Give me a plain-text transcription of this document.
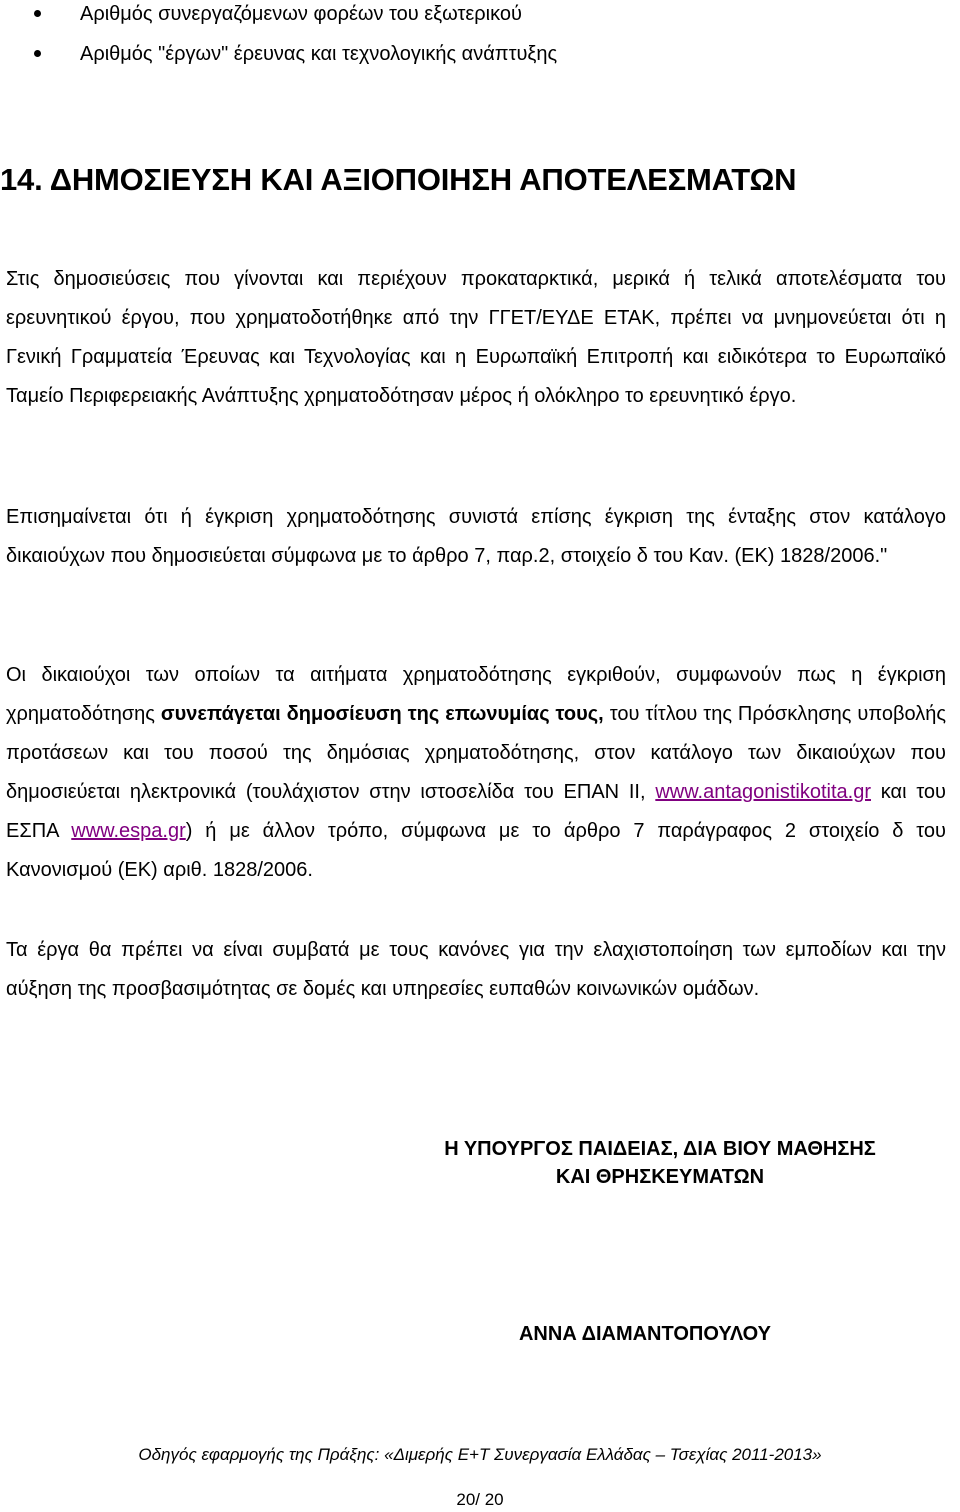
Αριθμός συνεργαζόμενων φορέων του εξωτερικού
Αριθμός "έργων" έρευνας και τεχνολογικής ανάπτυξης
14. ΔΗΜΟΣΙΕΥΣΗ ΚΑΙ ΑΞΙΟΠΟΙΗΣΗ ΑΠΟΤΕΛΕΣΜΑΤΩΝ
Στις δημοσιεύσεις που γίνονται και περιέχουν προκαταρκτικά, μερικά ή τελικά αποτελέσματα του ερευνητικού έργου, που χρηματοδοτήθηκε από την ΓΓΕΤ/ΕΥΔΕ ΕΤΑΚ, πρέπει να μνημονεύεται ότι η Γενική Γραμματεία Έρευνας και Τεχνολογίας και η Ευρωπαϊκή Επιτροπή και ειδικότερα το Ευρωπαϊκό Ταμείο Περιφερειακής Ανάπτυξης χρηματοδότησαν μέρος ή ολόκληρο το ερευνητικό έργο.
Επισημαίνεται ότι ή έγκριση χρηματοδότησης συνιστά επίσης έγκριση της ένταξης στον κατάλογο δικαιούχων που δημοσιεύεται σύμφωνα με το άρθρο 7, παρ.2, στοιχείο δ του Καν. (ΕΚ) 1828/2006."
Οι δικαιούχοι των οποίων τα αιτήματα χρηματοδότησης εγκριθούν, συμφωνούν πως η έγκριση χρηματοδότησης συνεπάγεται δημοσίευση της επωνυμίας τους, του τίτλου της Πρόσκλησης υποβολής προτάσεων και του ποσού της δημόσιας χρηματοδότησης, στον κατάλογο των δικαιούχων που δημοσιεύεται ηλεκτρονικά (τουλάχιστον στην ιστοσελίδα του ΕΠΑΝ ΙΙ, www.antagonistikotita.gr και του ΕΣΠΑ www.espa.gr) ή με άλλον τρόπο, σύμφωνα με το άρθρο 7 παράγραφος 2 στοιχείο δ του Κανονισμού (ΕΚ) αριθ. 1828/2006.
Τα έργα θα πρέπει να είναι συμβατά με τους κανόνες για την ελαχιστοποίηση των εμποδίων και την αύξηση της προσβασιμότητας σε δομές και υπηρεσίες ευπαθών κοινωνικών ομάδων.
Η ΥΠΟΥΡΓΟΣ ΠΑΙΔΕΙΑΣ, ΔΙΑ ΒΙΟΥ ΜΑΘΗΣΗΣ
ΚΑΙ ΘΡΗΣΚΕΥΜΑΤΩΝ
ΑΝΝΑ ΔΙΑΜΑΝΤΟΠΟΥΛΟΥ
Οδηγός εφαρμογής της Πράξης: «Διμερής Ε+Τ Συνεργασία Ελλάδας – Τσεχίας 2011-2013»
20/ 20
